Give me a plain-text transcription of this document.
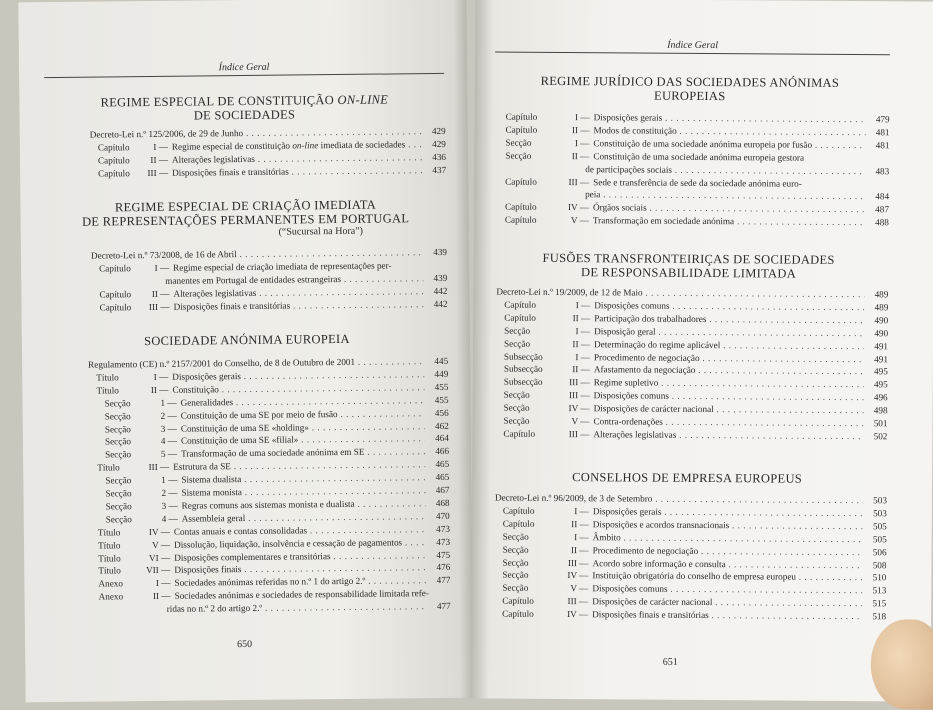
Índice Geral
REGIME ESPECIAL DE CONSTITUIÇÃO ON-LINE
DE SOCIEDADES
REGIME ESPECIAL DE CRIAÇÃO IMEDIATA
DE REPRESENTAÇÕES PERMANENTES EM PORTUGAL
(“Sucursal na Hora”)
SOCIEDADE ANÓNIMA EUROPEIA
650
Decreto-Lei n.º 125/2006, de 29 de Junho . . .	429
Capítulo	I — Regime especial de constituição on-line imediata de sociedades . . .	429
Capítulo	II — Alterações legislativas . . .	436
Capítulo	III — Disposições finais e transitórias . . .	437
Decreto-Lei n.º 73/2008, de 16 de Abril . . .	439
Capítulo	I — Regime especial de criação imediata de representações per-
manentes em Portugal de entidades estrangeiras . . .	439
Capítulo	II — Alterações legislativas . . .	442
Capítulo	III — Disposições finais e transitórias . . .	442
Regulamento (CE) n.º 2157/2001 do Conselho, de 8 de Outubro de 2001 . . .	445
Título	I — Disposições gerais . . .	449
Título	II — Constituição . . .	455
Secção	1 — Generalidades . . .	455
Secção	2 — Constituição de uma SE por meio de fusão . . .	456
Secção	3 — Constituição de uma SE «holding» . . .	462
Secção	4 — Constituição de uma SE «filial» . . .	464
Secção	5 — Transformação de uma sociedade anónima em SE . . .	466
Título	III — Estrutura da SE . . .	465
Secção	1 — Sistema dualista . . .	465
Secção	2 — Sistema monista . . .	467
Secção	3 — Regras comuns aos sistemas monista e dualista . . .	468
Secção	4 — Assembleia geral . . .	470
Título	IV — Contas anuais e contas consolidadas . . .	473
Título	V — Dissolução, liquidação, insolvência e cessação de pagamentos . . .	473
Título	VI — Disposições complementares e transitórias . . .	475
Título	VII — Disposições finais . . .	476
Anexo	I — Sociedades anónimas referidas no n.º 1 do artigo 2.º . . .	477
Anexo	II — Sociedades anónimas e sociedades de responsabilidade limitada refe-
ridas no n.º 2 do artigo 2.º . . .	477
Índice Geral
REGIME JURÍDICO DAS SOCIEDADES ANÓNIMAS
EUROPEIAS
FUSÕES TRANSFRONTEIRIÇAS DE SOCIEDADES
DE RESPONSABILIDADE LIMITADA
CONSELHOS DE EMPRESA EUROPEUS
651
Capítulo	I — Disposições gerais . . .	479
Capítulo	II — Modos de constituição . . .	481
Secção	I — Constituição de uma sociedade anónima europeia por fusão . . .	481
Secção	II — Constituição de uma sociedade anónima europeia gestora
de participações sociais . . .	483
Capítulo	III — Sede e transferência de sede da sociedade anónima euro-
peia . . .	484
Capítulo	IV — Órgãos sociais . . .	487
Capítulo	V — Transformação em sociedade anónima . . .	488
Decreto-Lei n.º 19/2009, de 12 de Maio . . .	489
Capítulo	I — Disposições comuns . . .	489
Capítulo	II — Participação dos trabalhadores . . .	490
Secção	I — Disposição geral . . .	490
Secção	II — Determinação do regime aplicável . . .	491
Subsecção	I — Procedimento de negociação . . .	491
Subsecção	II — Afastamento da negociação . . .	495
Subsecção	III — Regime supletivo . . .	495
Secção	III — Disposições comuns . . .	496
Secção	IV — Disposições de carácter nacional . . .	498
Secção	V — Contra-ordenações . . .	501
Capítulo	III — Alterações legislativas . . .	502
Decreto-Lei n.º 96/2009, de 3 de Setembro . . .	503
Capítulo	I — Disposições gerais . . .	503
Capítulo	II — Disposições e acordos transnacionais . . .	505
Secção	I — Âmbito . . .	505
Secção	II — Procedimento de negociação . . .	506
Secção	III — Acordo sobre informação e consulta . . .	508
Secção	IV — Instituição obrigatória do conselho de empresa europeu . . .	510
Secção	V — Disposições comuns . . .	513
Capítulo	III — Disposições de carácter nacional . . .	515
Capítulo	IV — Disposições finais e transitórias . . .	518
